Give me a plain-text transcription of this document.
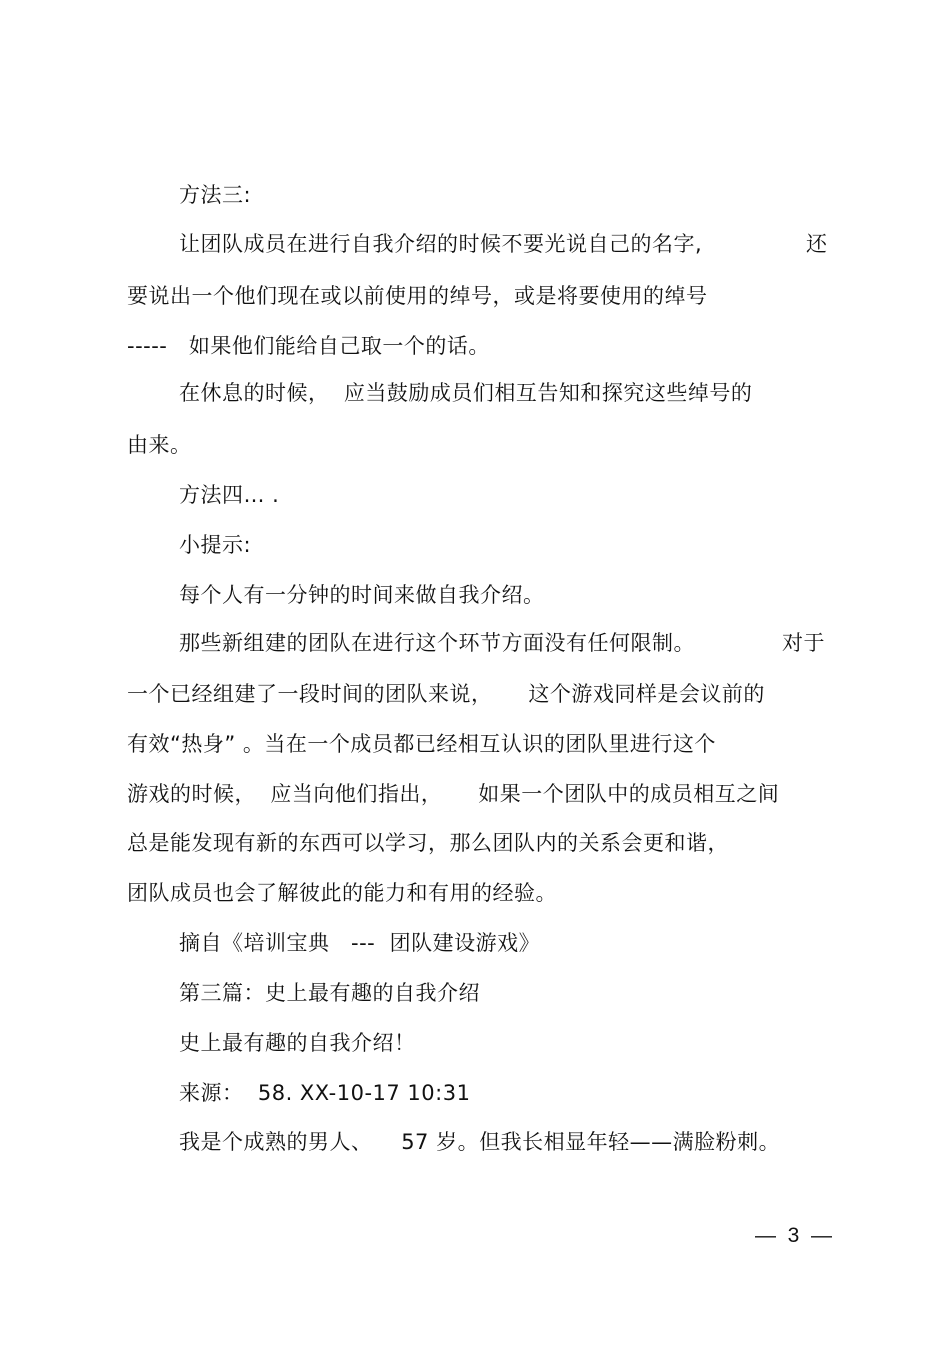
方法三:
让团队成员在进行自我介绍的时候不要光说自己的名字,	还
要说出一个他们现在或以前使用的绰号，或是将要使用的绰号
-----   如果他们能给自己取一个的话。
在休息的时候，  应当鼓励成员们相互告知和探究这些绰号的
由来。
方法四… .
小提示:
每个人有一分钟的时间来做自我介绍。
那些新组建的团队在进行这个环节方面没有任何限制。	对于
一个已经组建了一段时间的团队来说，     这个游戏同样是会议前的
有效“热身” 。当在一个成员都已经相互认识的团队里进行这个
游戏的时候，  应当向他们指出，     如果一个团队中的成员相互之间
总是能发现有新的东西可以学习，那么团队内的关系会更和谐，
团队成员也会了解彼此的能力和有用的经验。
摘自《培训宝典   ---  团队建设游戏》
第三篇：史上最有趣的自我介绍
史上最有趣的自我介绍！
来源：  58. XX-10-17 10:31
我是个成熟的男人、    57 岁。但我长相显年轻——满脸粉刺。
—  3  —
